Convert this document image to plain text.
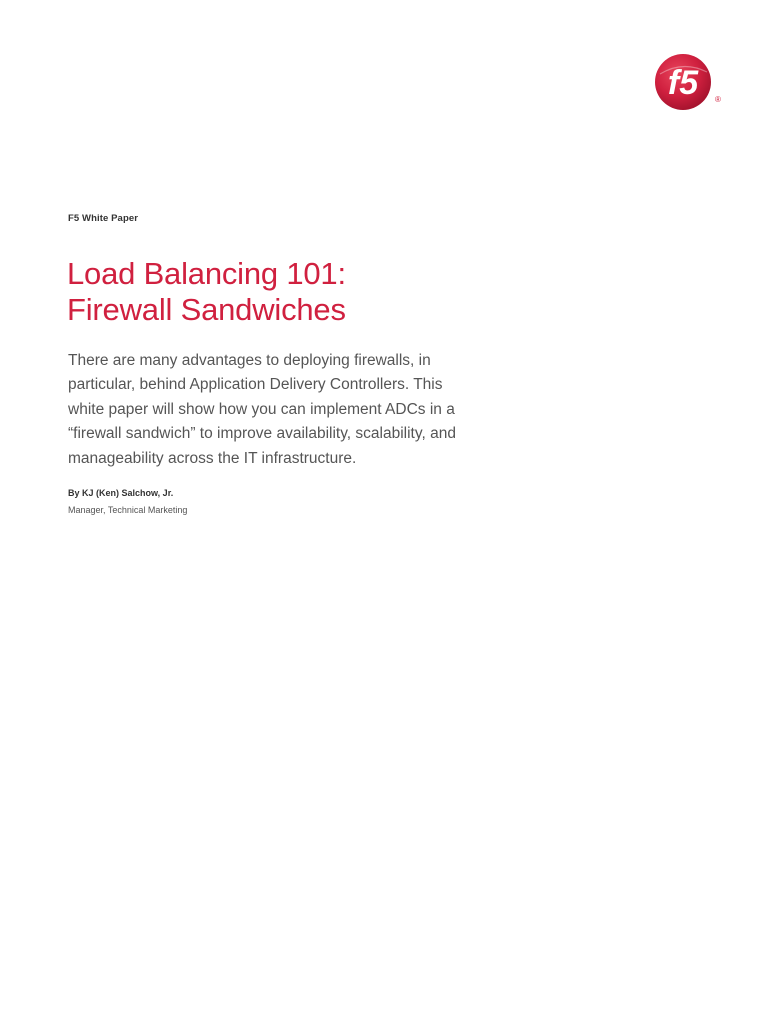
f5 ®
F5 White Paper
Load Balancing 101:
Firewall Sandwiches

There are many advantages to deploying firewalls, in
particular, behind Application Delivery Controllers. This
white paper will show how you can implement ADCs in a
“firewall sandwich” to improve availability, scalability, and
manageability across the IT infrastructure.

By KJ (Ken) Salchow, Jr.
Manager, Technical Marketing
